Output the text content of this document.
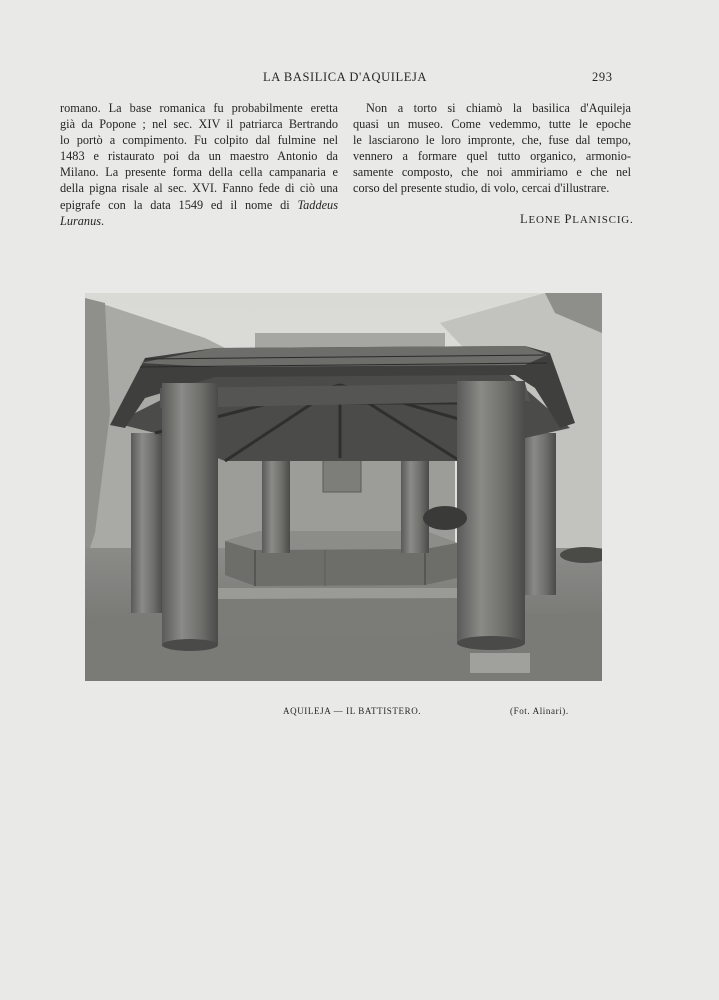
LA BASILICA D'AQUILEJA	293
romano. La base romanica fu probabilmente eretta
già da Popone ; nel sec. XIV il patriarca Bertrando
lo portò a compimento. Fu colpito dal fulmine nel
1483 e ristaurato poi da un maestro Antonio da
Milano. La presente forma della cella campanaria e
della pigna risale al sec. XVI. Fanno fede di ciò una
epigrafe con la data 1549 ed il nome di Taddeus
Luranus.
Non a torto si chiamò la basilica d'Aquileja
quasi un museo. Come vedemmo, tutte le epoche
le lasciarono le loro impronte, che, fuse dal tempo,
vennero a formare quel tutto organico, armonio-
samente composto, che noi ammiriamo e che nel
corso del presente studio, di volo, cercai d'illustrare.
LEONE PLANISCIG.
AQUILEJA — IL BATTISTERO.	(Fot. Alinari).
